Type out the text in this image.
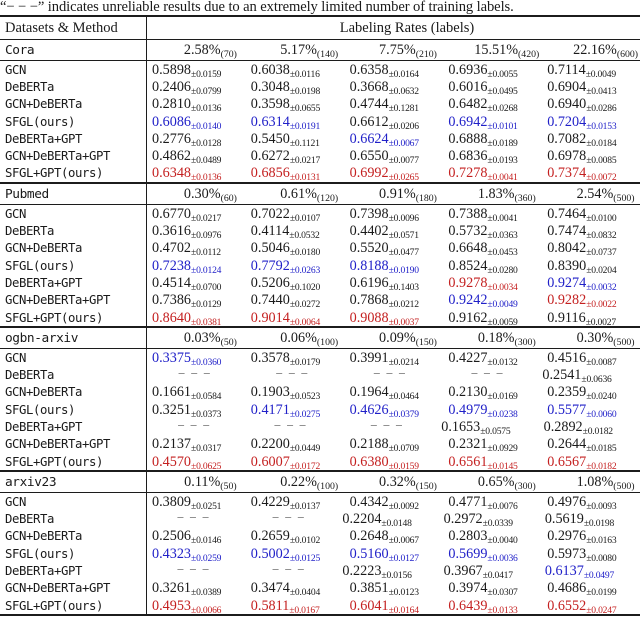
“− − −” indicates unreliable results due to an extremely limited number of training labels.
Datasets & Method	Labeling Rates (labels)
Cora	2.58%(70)	5.17%(140)	7.75%(210)	15.51%(420)	22.16%(600)
GCN	0.5898±0.0159	0.6038±0.0116	0.6358±0.0164	0.6936±0.0055	0.7114±0.0049
DeBERTa	0.2406±0.0799	0.3048±0.0198	0.3668±0.0632	0.6016±0.0495	0.6904±0.0413
GCN+DeBERTa	0.2810±0.0136	0.3598±0.0655	0.4744±0.1281	0.6482±0.0268	0.6940±0.0286
SFGL(ours)	0.6086±0.0140	0.6314±0.0191	0.6612±0.0206	0.6942±0.0101	0.7204±0.0153
DeBERTa+GPT	0.2776±0.0128	0.5450±0.1121	0.6624±0.0067	0.6888±0.0189	0.7082±0.0184
GCN+DeBERTa+GPT	0.4862±0.0489	0.6272±0.0217	0.6550±0.0077	0.6836±0.0193	0.6978±0.0085
SFGL+GPT(ours)	0.6348±0.0136	0.6856±0.0131	0.6992±0.0265	0.7278±0.0041	0.7374±0.0072
Pubmed	0.30%(60)	0.61%(120)	0.91%(180)	1.83%(360)	2.54%(500)
GCN	0.6770±0.0217	0.7022±0.0107	0.7398±0.0096	0.7388±0.0041	0.7464±0.0100
DeBERTa	0.3616±0.0976	0.4114±0.0532	0.4402±0.0571	0.5732±0.0363	0.7474±0.0832
GCN+DeBERTa	0.4702±0.0112	0.5046±0.0180	0.5520±0.0477	0.6648±0.0453	0.8042±0.0737
SFGL(ours)	0.7238±0.0124	0.7792±0.0263	0.8188±0.0190	0.8524±0.0280	0.8390±0.0204
DeBERTa+GPT	0.4514±0.0700	0.5206±0.1020	0.6196±0.1403	0.9278±0.0034	0.9274±0.0032
GCN+DeBERTa+GPT	0.7386±0.0129	0.7440±0.0272	0.7868±0.0212	0.9242±0.0049	0.9282±0.0022
SFGL+GPT(ours)	0.8640±0.0381	0.9014±0.0064	0.9088±0.0037	0.9162±0.0059	0.9116±0.0027
ogbn-arxiv	0.03%(50)	0.06%(100)	0.09%(150)	0.18%(300)	0.30%(500)
GCN	0.3375±0.0360	0.3578±0.0179	0.3991±0.0214	0.4227±0.0132	0.4516±0.0087
DeBERTa	− − −	− − −	− − −	− − −	0.2541±0.0636
GCN+DeBERTa	0.1661±0.0584	0.1903±0.0523	0.1964±0.0464	0.2130±0.0169	0.2359±0.0240
SFGL(ours)	0.3251±0.0373	0.4171±0.0275	0.4626±0.0379	0.4979±0.0238	0.5577±0.0060
DeBERTa+GPT	− − −	− − −	− − −	0.1653±0.0575	0.2892±0.0182
GCN+DeBERTa+GPT	0.2137±0.0317	0.2200±0.0449	0.2188±0.0709	0.2321±0.0929	0.2644±0.0185
SFGL+GPT(ours)	0.4570±0.0625	0.6007±0.0172	0.6380±0.0159	0.6561±0.0145	0.6567±0.0182
arxiv23	0.11%(50)	0.22%(100)	0.32%(150)	0.65%(300)	1.08%(500)
GCN	0.3809±0.0251	0.4229±0.0137	0.4342±0.0092	0.4771±0.0076	0.4976±0.0093
DeBERTa	− − −	− − −	0.2204±0.0148	0.2972±0.0339	0.5619±0.0198
GCN+DeBERTa	0.2506±0.0146	0.2659±0.0102	0.2648±0.0067	0.2803±0.0040	0.2976±0.0163
SFGL(ours)	0.4323±0.0259	0.5002±0.0125	0.5160±0.0127	0.5699±0.0036	0.5973±0.0080
DeBERTa+GPT	− − −	− − −	0.2223±0.0156	0.3967±0.0417	0.6137±0.0497
GCN+DeBERTa+GPT	0.3261±0.0389	0.3474±0.0404	0.3851±0.0123	0.3974±0.0307	0.4686±0.0199
SFGL+GPT(ours)	0.4953±0.0066	0.5811±0.0167	0.6041±0.0164	0.6439±0.0133	0.6552±0.0247
